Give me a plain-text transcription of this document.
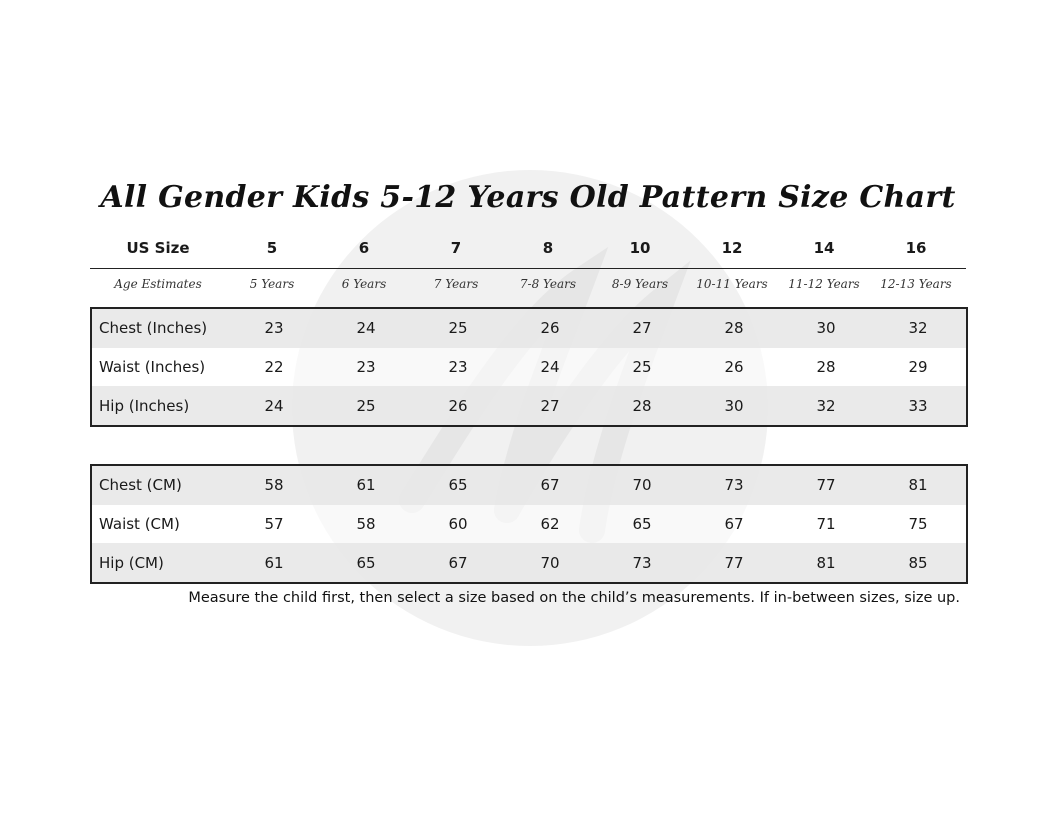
All Gender Kids 5-12 Years Old Pattern Size Chart
US Size	5	6	7	8	10	12	14	16
Age Estimates	5 Years	6 Years	7 Years	7-8 Years	8-9 Years	10-11 Years	11-12 Years	12-13 Years
Chest (Inches)	23	24	25	26	27	28	30	32
Waist (Inches)	22	23	23	24	25	26	28	29
Hip (Inches)	24	25	26	27	28	30	32	33
Chest (CM)	58	61	65	67	70	73	77	81
Waist (CM)	57	58	60	62	65	67	71	75
Hip (CM)	61	65	67	70	73	77	81	85
Measure the child first, then select a size based on the child’s measurements. If in-between sizes, size up.
